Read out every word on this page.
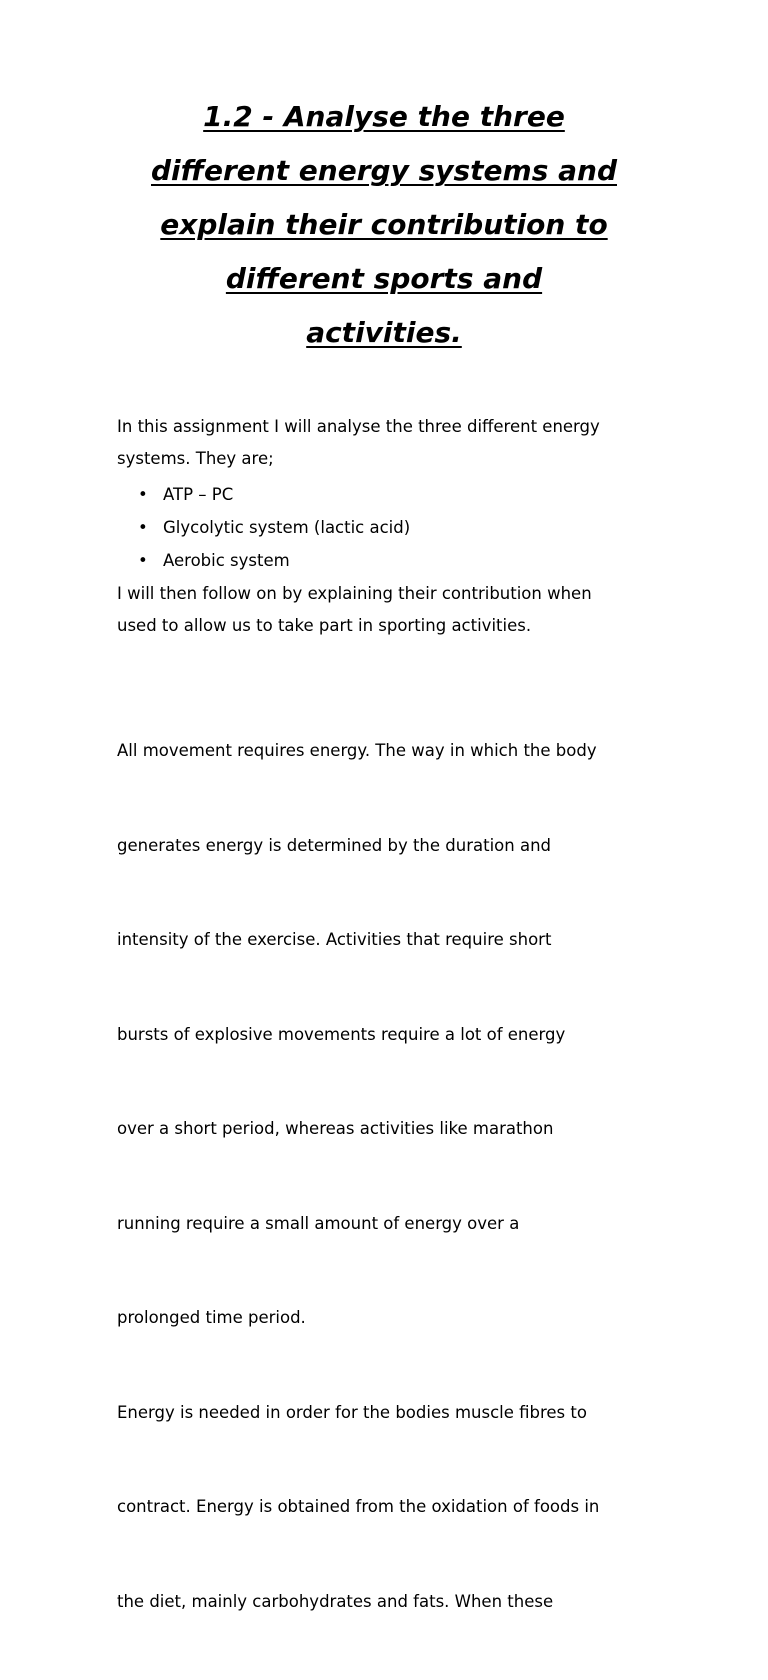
1.2 - Analyse the three
different energy systems and
explain their contribution to
different sports and
activities.

In this assignment I will analyse the three different energy
systems. They are;

• ATP – PC
• Glycolytic system (lactic acid)
• Aerobic system

I will then follow on by explaining their contribution when
used to allow us to take part in sporting activities.

All movement requires energy. The way in which the body

generates energy is determined by the duration and

intensity of the exercise. Activities that require short

bursts of explosive movements require a lot of energy

over a short period, whereas activities like marathon

running require a small amount of energy over a

prolonged time period.

Energy is needed in order for the bodies muscle fibres to

contract. Energy is obtained from the oxidation of foods in

the diet, mainly carbohydrates and fats. When these
